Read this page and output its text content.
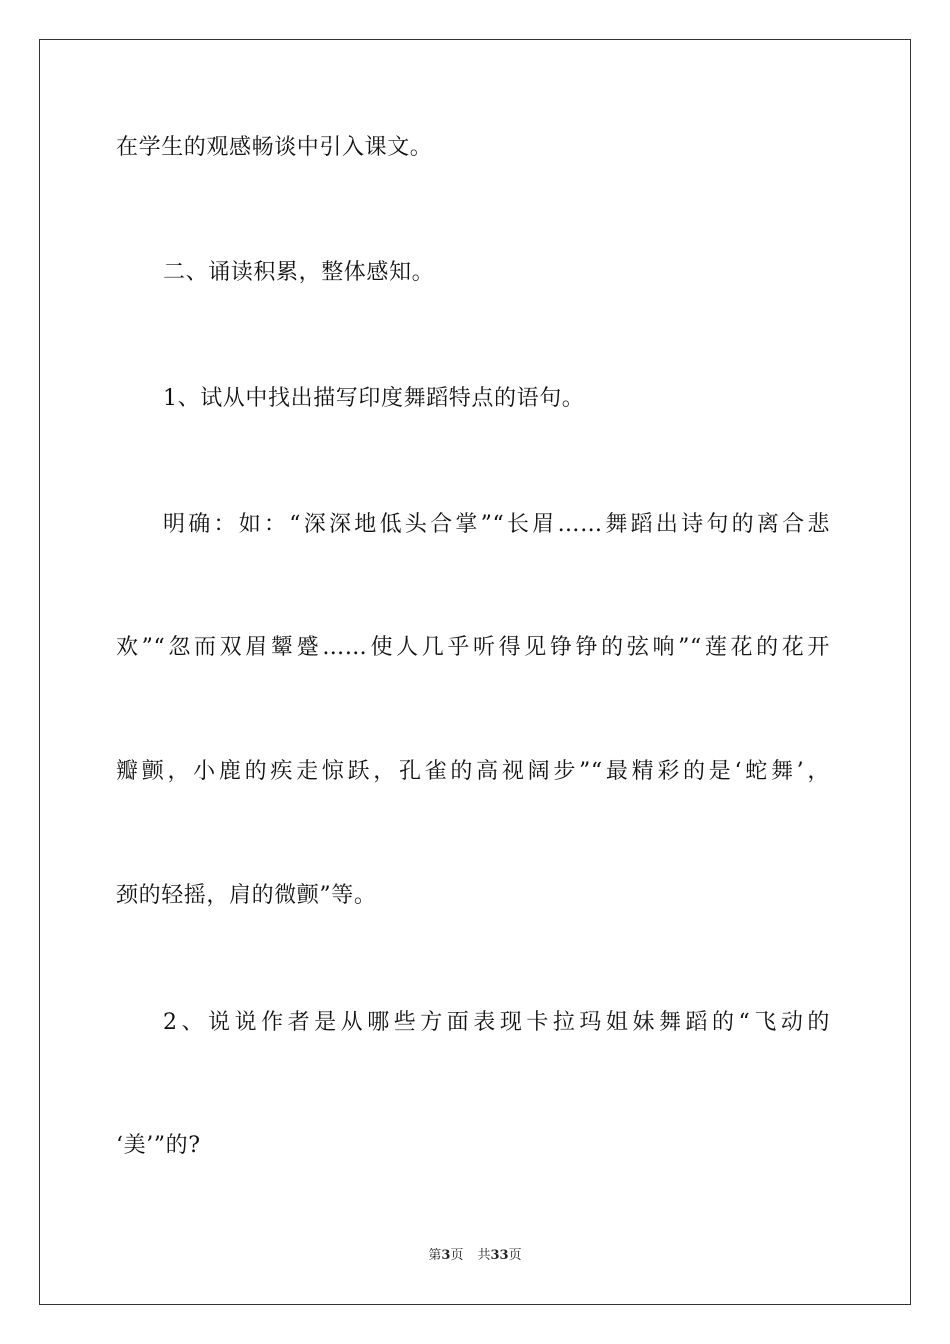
在学生的观感畅谈中引入课文。
二、诵读积累，整体感知。
1、试从中找出描写印度舞蹈特点的语句。
明确：如：“深深地低头合掌”“长眉……舞蹈出诗句的离合悲
欢”“忽而双眉颦蹙……使人几乎听得见铮铮的弦响”“莲花的花开
瓣颤，小鹿的疾走惊跃，孔雀的高视阔步”“最精彩的是‘蛇舞’，
颈的轻摇，肩的微颤”等。
2、说说作者是从哪些方面表现卡拉玛姐妹舞蹈的“飞动的
‘美’”的?
第3页 共33页
